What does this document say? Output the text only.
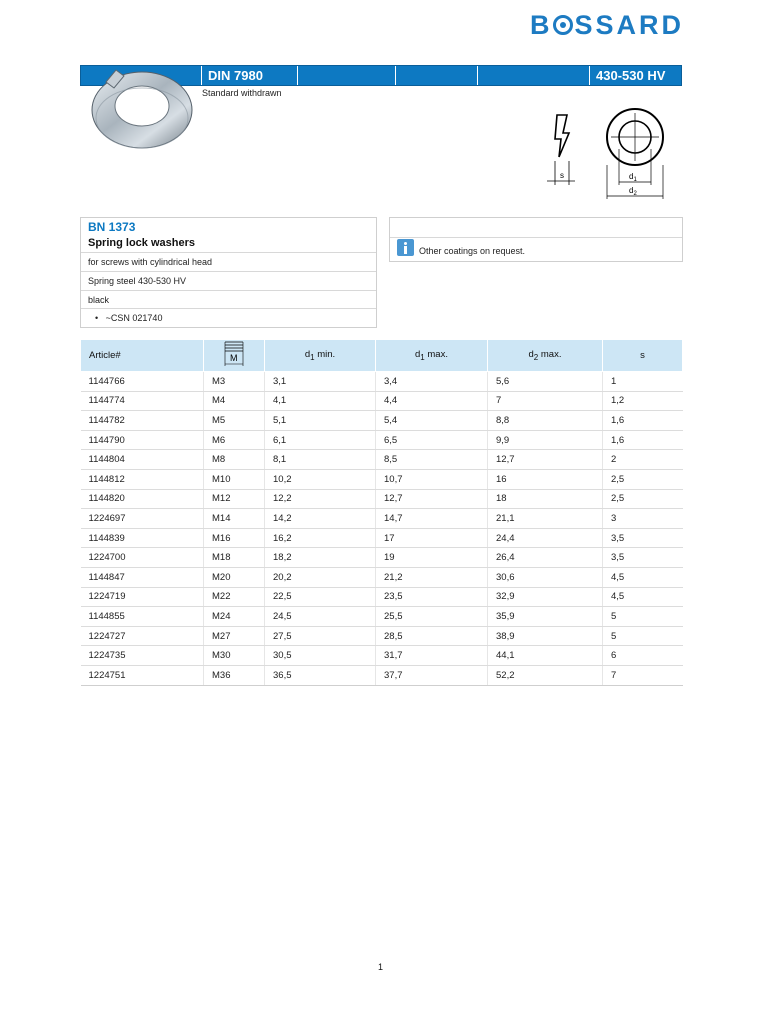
B SSARD
DIN 7980	430-530 HV
Standard withdrawn
s	$d_1$
$d_2$
BN 1373
Spring lock washers
for screws with cylindrical head
Spring steel 430-530 HV
black
•   ~CSN 021740
Other coatings on request.
Article#	M	$d_1$ min.	$d_1$ max.	$d_2$ max.	s
1144766	M3	3,1	3,4	5,6	1
1144774	M4	4,1	4,4	7	1,2
1144782	M5	5,1	5,4	8,8	1,6
1144790	M6	6,1	6,5	9,9	1,6
1144804	M8	8,1	8,5	12,7	2
1144812	M10	10,2	10,7	16	2,5
1144820	M12	12,2	12,7	18	2,5
1224697	M14	14,2	14,7	21,1	3
1144839	M16	16,2	17	24,4	3,5
1224700	M18	18,2	19	26,4	3,5
1144847	M20	20,2	21,2	30,6	4,5
1224719	M22	22,5	23,5	32,9	4,5
1144855	M24	24,5	25,5	35,9	5
1224727	M27	27,5	28,5	38,9	5
1224735	M30	30,5	31,7	44,1	6
1224751	M36	36,5	37,7	52,2	7
1
